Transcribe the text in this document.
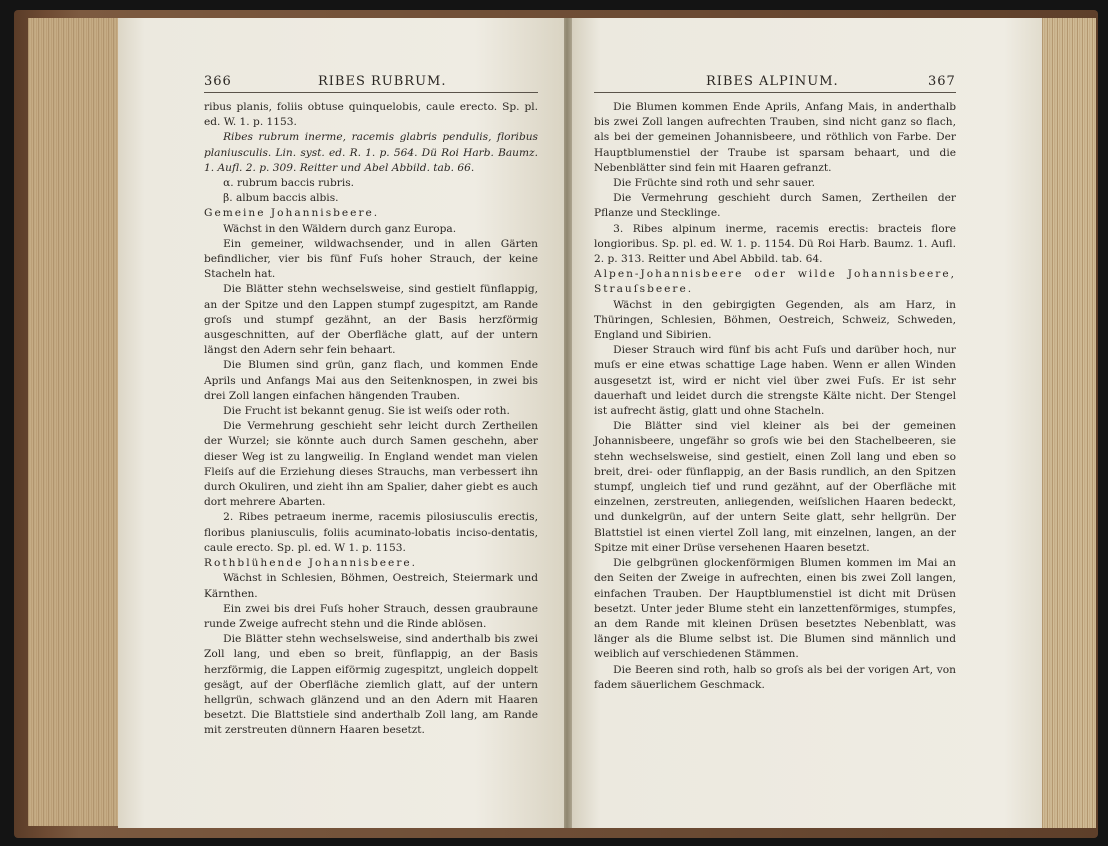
366	RIBES RUBRUM.

ribus planis, foliis obtuse quinquelobis, caule erecto. Sp. pl. ed. W. 1. p. 1153.

Ribes rubrum inerme, racemis glabris pendulis, floribus planiusculis. Lin. syst. ed. R. 1. p. 564. Dü Roi Harb. Baumz. 1. Aufl. 2. p. 309. Reitter und Abel Abbild. tab. 66.

α. rubrum baccis rubris.

β. album baccis albis.

Gemeine Johannisbeere.

Wächst in den Wäldern durch ganz Europa.

Ein gemeiner, wildwachsender, und in allen Gärten befindlicher, vier bis fünf Fuſs hoher Strauch, der keine Stacheln hat.

Die Blätter stehn wechselsweise, sind gestielt fünflappig, an der Spitze und den Lappen stumpf zugespitzt, am Rande groſs und stumpf gezähnt, an der Basis herzförmig ausgeschnitten, auf der Oberfläche glatt, auf der untern längst den Adern sehr fein behaart.

Die Blumen sind grün, ganz flach, und kommen Ende Aprils und Anfangs Mai aus den Seitenknospen, in zwei bis drei Zoll langen einfachen hängenden Trauben.

Die Frucht ist bekannt genug. Sie ist weiſs oder roth.

Die Vermehrung geschieht sehr leicht durch Zertheilen der Wurzel; sie könnte auch durch Samen geschehn, aber dieser Weg ist zu langweilig. In England wendet man vielen Fleiſs auf die Erziehung dieses Strauchs, man verbessert ihn durch Okuliren, und zieht ihn am Spalier, daher giebt es auch dort mehrere Abarten.

2. Ribes petraeum inerme, racemis pilosiusculis erectis, floribus planiusculis, foliis acuminato-lobatis inciso-dentatis, caule erecto. Sp. pl. ed. W 1. p. 1153.

Rothblühende Johannisbeere.

Wächst in Schlesien, Böhmen, Oestreich, Steiermark und Kärnthen.

Ein zwei bis drei Fuſs hoher Strauch, dessen graubraune runde Zweige aufrecht stehn und die Rinde ablösen.

Die Blätter stehn wechselsweise, sind anderthalb bis zwei Zoll lang, und eben so breit, fünflappig, an der Basis herzförmig, die Lappen eiförmig zugespitzt, ungleich doppelt gesägt, auf der Oberfläche ziemlich glatt, auf der untern hellgrün, schwach glänzend und an den Adern mit Haaren besetzt. Die Blattstiele sind anderthalb Zoll lang, am Rande mit zerstreuten dünnern Haaren besetzt.

RIBES ALPINUM.	367

Die Blumen kommen Ende Aprils, Anfang Mais, in anderthalb bis zwei Zoll langen aufrechten Trauben, sind nicht ganz so flach, als bei der gemeinen Johannisbeere, und röthlich von Farbe. Der Hauptblumenstiel der Traube ist sparsam behaart, und die Nebenblätter sind fein mit Haaren gefranzt.

Die Früchte sind roth und sehr sauer.

Die Vermehrung geschieht durch Samen, Zertheilen der Pflanze und Stecklinge.

3. Ribes alpinum inerme, racemis erectis: bracteis flore longioribus. Sp. pl. ed. W. 1. p. 1154. Dü Roi Harb. Baumz. 1. Aufl. 2. p. 313. Reitter und Abel Abbild. tab. 64.

Alpen-Johannisbeere oder wilde Johannisbeere, Strauſsbeere.

Wächst in den gebirgigten Gegenden, als am Harz, in Thüringen, Schlesien, Böhmen, Oestreich, Schweiz, Schweden, England und Sibirien.

Dieser Strauch wird fünf bis acht Fuſs und darüber hoch, nur muſs er eine etwas schattige Lage haben. Wenn er allen Winden ausgesetzt ist, wird er nicht viel über zwei Fuſs. Er ist sehr dauerhaft und leidet durch die strengste Kälte nicht. Der Stengel ist aufrecht ästig, glatt und ohne Stacheln.

Die Blätter sind viel kleiner als bei der gemeinen Johannisbeere, ungefähr so groſs wie bei den Stachelbeeren, sie stehn wechselsweise, sind gestielt, einen Zoll lang und eben so breit, drei- oder fünflappig, an der Basis rundlich, an den Spitzen stumpf, ungleich tief und rund gezähnt, auf der Oberfläche mit einzelnen, zerstreuten, anliegenden, weiſslichen Haaren bedeckt, und dunkelgrün, auf der untern Seite glatt, sehr hellgrün. Der Blattstiel ist einen viertel Zoll lang, mit einzelnen, langen, an der Spitze mit einer Drüse versehenen Haaren besetzt.

Die gelbgrünen glockenförmigen Blumen kommen im Mai an den Seiten der Zweige in aufrechten, einen bis zwei Zoll langen, einfachen Trauben. Der Hauptblumenstiel ist dicht mit Drüsen besetzt. Unter jeder Blume steht ein lanzettenförmiges, stumpfes, an dem Rande mit kleinen Drüsen besetztes Nebenblatt, was länger als die Blume selbst ist. Die Blumen sind männlich und weiblich auf verschiedenen Stämmen.

Die Beeren sind roth, halb so groſs als bei der vorigen Art, von fadem säuerlichem Geschmack.
